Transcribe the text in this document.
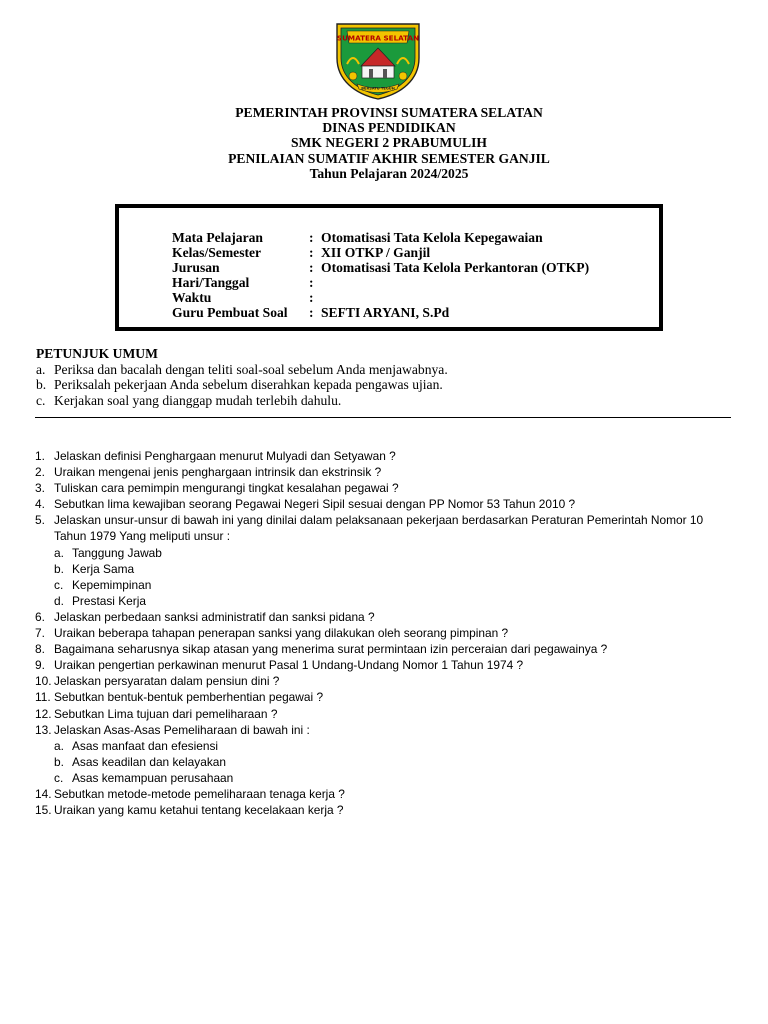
SUMATERA SELATAN
BERSATU TEGUH
PEMERINTAH PROVINSI SUMATERA SELATAN
DINAS PENDIDIKAN
SMK NEGERI 2 PRABUMULIH
PENILAIAN SUMATIF AKHIR SEMESTER GANJIL
Tahun Pelajaran 2024/2025
Mata Pelajaran	: Otomatisasi Tata Kelola Kepegawaian
Kelas/Semester	: XII OTKP / Ganjil
Jurusan	: Otomatisasi Tata Kelola Perkantoran (OTKP)
Hari/Tanggal	:
Waktu	:
Guru Pembuat Soal : SEFTI ARYANI, S.Pd
PETUNJUK UMUM
a. Periksa dan bacalah dengan teliti soal-soal sebelum Anda menjawabnya.
b. Periksalah pekerjaan Anda sebelum diserahkan kepada pengawas ujian.
c. Kerjakan soal yang dianggap mudah terlebih dahulu.
1. Jelaskan definisi Penghargaan menurut Mulyadi dan Setyawan ?
2. Uraikan mengenai jenis penghargaan intrinsik dan ekstrinsik ?
3. Tuliskan cara pemimpin mengurangi tingkat kesalahan pegawai ?
4. Sebutkan lima kewajiban seorang Pegawai Negeri Sipil sesuai dengan PP Nomor 53 Tahun 2010 ?
5. Jelaskan unsur-unsur di bawah ini yang dinilai dalam pelaksanaan pekerjaan berdasarkan Peraturan Pemerintah Nomor 10 Tahun 1979 Yang meliputi unsur :
a. Tanggung Jawab
b. Kerja Sama
c. Kepemimpinan
d. Prestasi Kerja
6. Jelaskan perbedaan sanksi administratif dan sanksi pidana ?
7. Uraikan beberapa tahapan penerapan sanksi yang dilakukan oleh seorang pimpinan ?
8. Bagaimana seharusnya sikap atasan yang menerima surat permintaan izin perceraian dari pegawainya ?
9. Uraikan pengertian perkawinan menurut Pasal 1 Undang-Undang Nomor 1 Tahun 1974 ?
10. Jelaskan persyaratan dalam pensiun dini ?
11. Sebutkan bentuk-bentuk pemberhentian pegawai ?
12. Sebutkan Lima tujuan dari pemeliharaan ?
13. Jelaskan Asas-Asas Pemeliharaan di bawah ini :
a. Asas manfaat dan efesiensi
b. Asas keadilan dan kelayakan
c. Asas kemampuan perusahaan
14. Sebutkan metode-metode pemeliharaan tenaga kerja ?
15. Uraikan yang kamu ketahui tentang kecelakaan kerja ?
